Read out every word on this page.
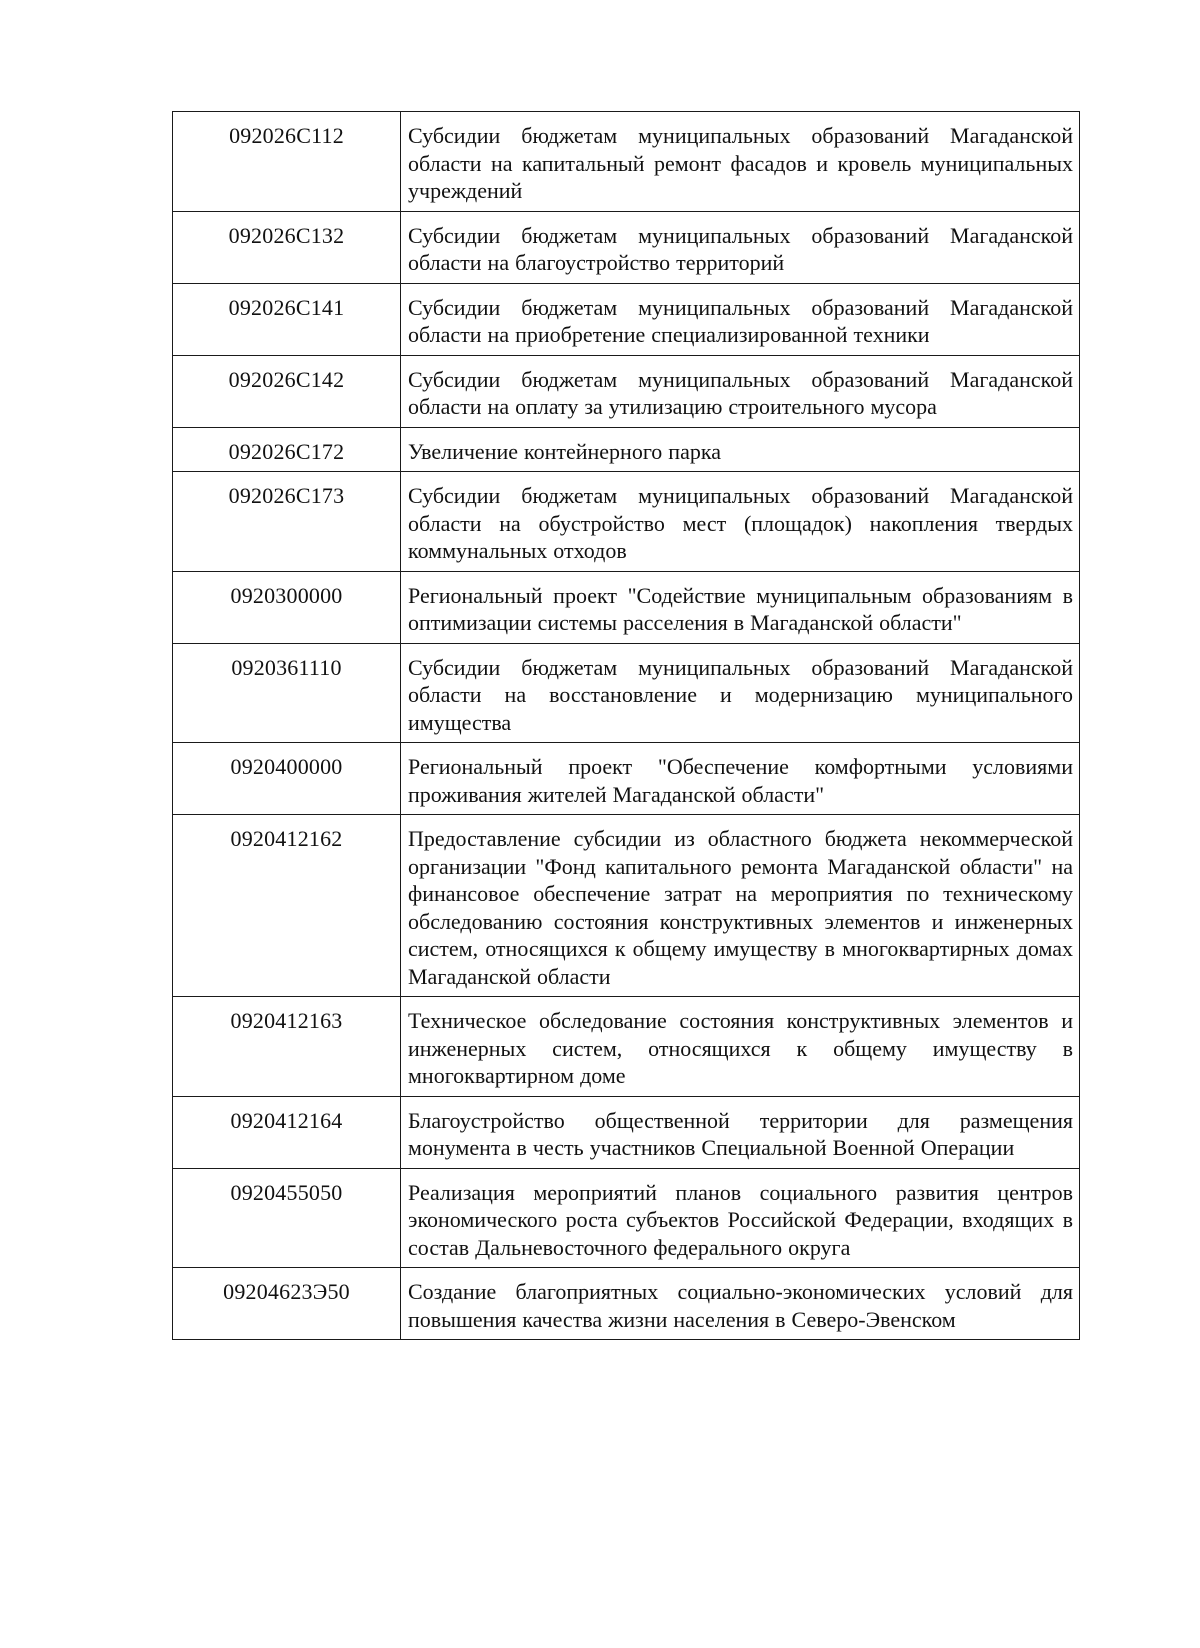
092026С112	Субсидии бюджетам муниципальных образований Магаданской области на капитальный ремонт фасадов и кровель муниципальных учреждений
092026С132	Субсидии бюджетам муниципальных образований Магаданской области на благоустройство территорий
092026С141	Субсидии бюджетам муниципальных образований Магаданской области на приобретение специализированной техники
092026С142	Субсидии бюджетам муниципальных образований Магаданской области на оплату за утилизацию строительного мусора
092026С172	Увеличение контейнерного парка
092026С173	Субсидии бюджетам муниципальных образований Магаданской области на обустройство мест (площадок) накопления твердых коммунальных отходов
0920300000	Региональный проект "Содействие муниципальным образованиям в оптимизации системы расселения в Магаданской области"
0920361110	Субсидии бюджетам муниципальных образований Магаданской области на восстановление и модернизацию муниципального имущества
0920400000	Региональный проект "Обеспечение комфортными условиями проживания жителей Магаданской области"
0920412162	Предоставление субсидии из областного бюджета некоммерческой организации "Фонд капитального ремонта Магаданской области" на финансовое обеспечение затрат на мероприятия по техническому обследованию состояния конструктивных элементов и инженерных систем, относящихся к общему имуществу в многоквартирных домах Магаданской области
0920412163	Техническое обследование состояния конструктивных элементов и инженерных систем, относящихся к общему имуществу в многоквартирном доме
0920412164	Благоустройство общественной территории для размещения монумента в честь участников Специальной Военной Операции
0920455050	Реализация мероприятий планов социального развития центров экономического роста субъектов Российской Федерации, входящих в состав Дальневосточного федерального округа
09204623Э50	Создание благоприятных социально-экономических условий для повышения качества жизни населения в Северо-Эвенском
